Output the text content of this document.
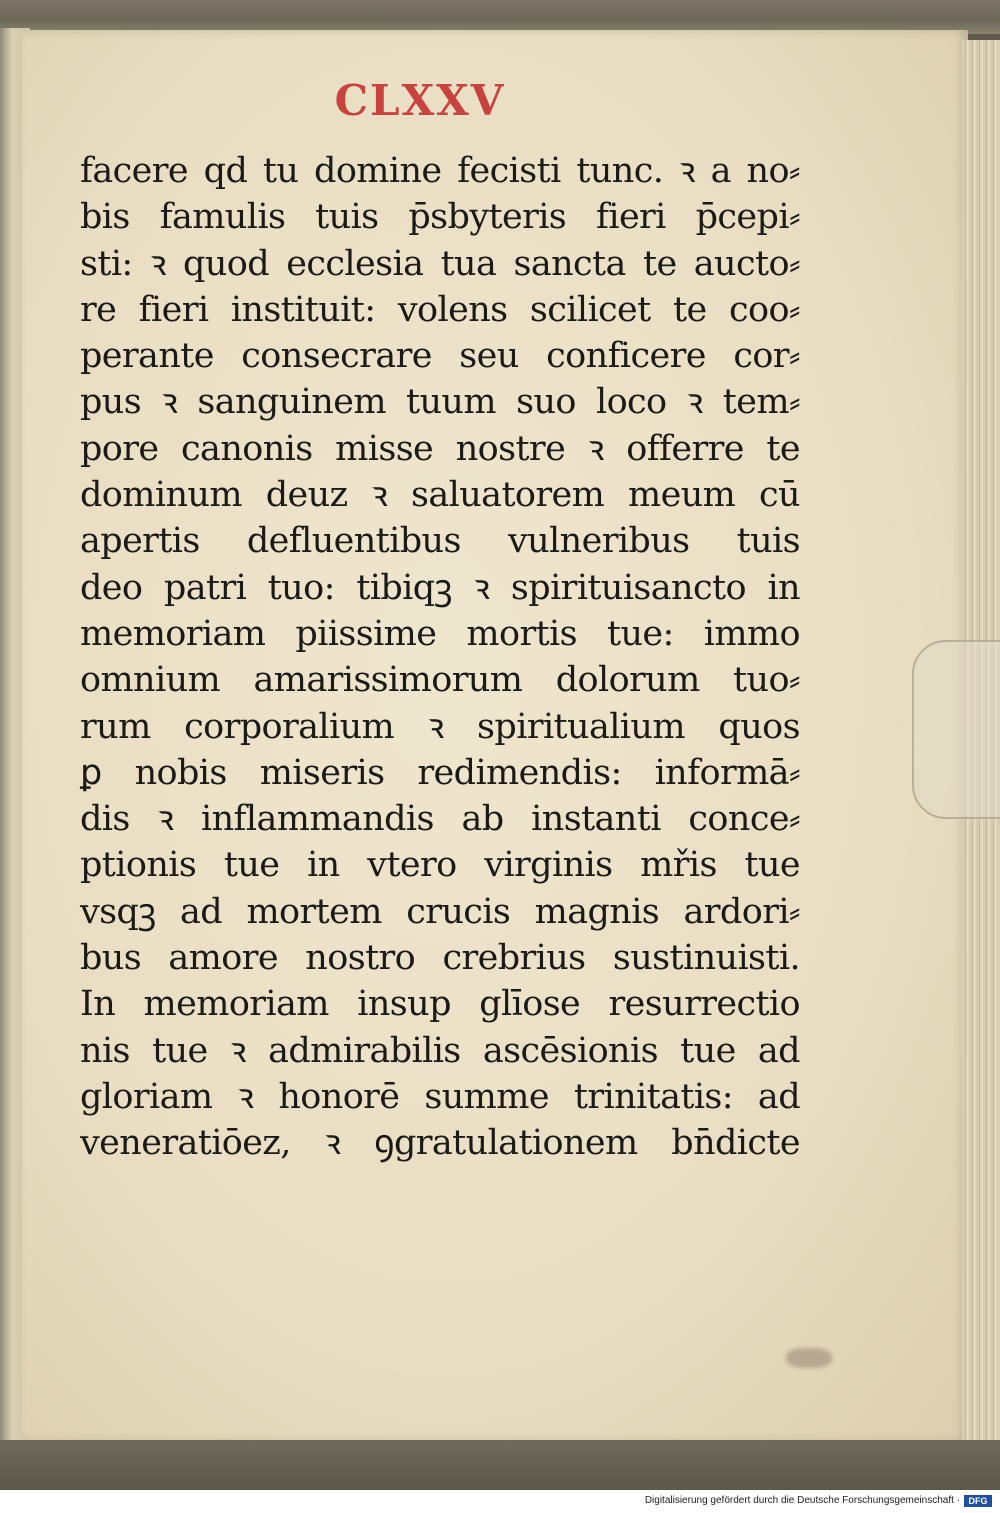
CLXXV
facere qd tu domine fecisti tunc. ꝛ a no⸗
bis famulis tuis p̄sbyteris fieri p̄cepi⸗
sti: ꝛ quod ecclesia tua sancta te aucto⸗
re fieri instituit: volens scilicet te coo⸗
perante consecrare seu conficere cor⸗
pus ꝛ sanguinem tuum suo loco ꝛ tem⸗
pore canonis misse nostre ꝛ offerre te
dominum deuz ꝛ saluatorem meum cū
apertis defluentibus vulneribus tuis
deo patri tuo: tibiqꝫ ꝛ spirituisancto in
memoriam piissime mortis tue: immo
omnium amarissimorum dolorum tuo⸗
rum corporalium ꝛ spiritualium quos
ꝑ nobis miseris redimendis: informā⸗
dis ꝛ inflammandis ab instanti conce⸗
ptionis tue in vtero virginis mřis tue
vsqꝫ ad mortem crucis magnis ardori⸗
bus amore nostro crebrius sustinuisti.
In memoriam insup glīose resurrectio
nis tue ꝛ admirabilis ascēsionis tue ad
gloriam ꝛ honorē summe trinitatis: ad
veneratiōez, ꝛ ꝯgratulationem bn̄dicte
Digitalisierung gefördert durch die Deutsche Forschungsgemeinschaft · DFG
